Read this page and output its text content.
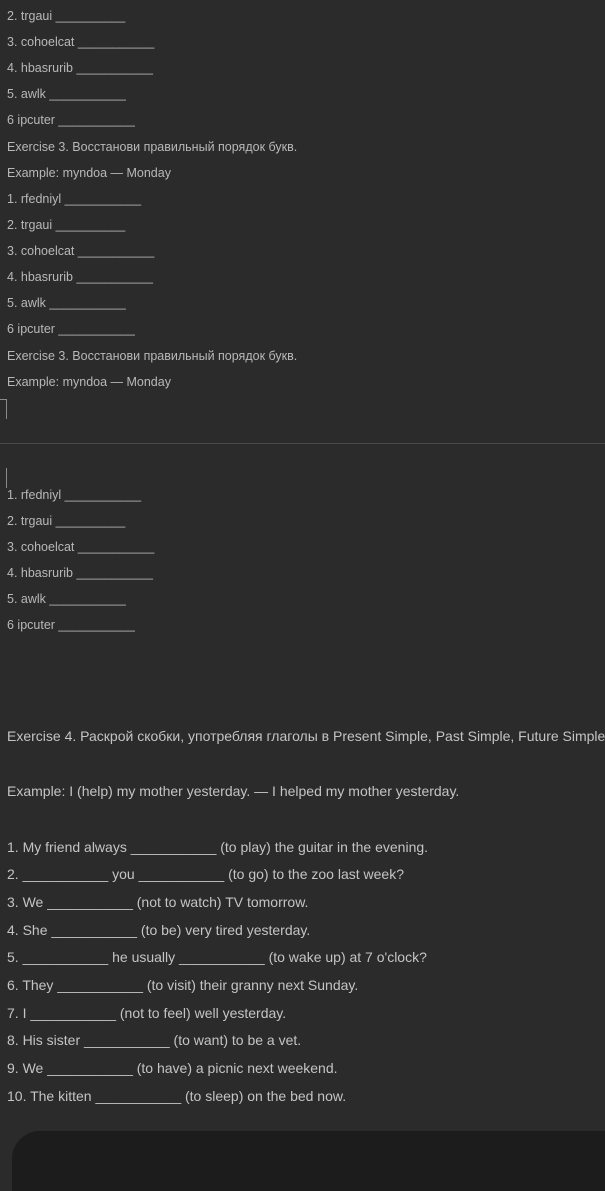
2. trgaui __________
3. cohoelcat ___________
4. hbasrurib ___________
5. awlk ___________
6 ipcuter ___________
Exercise 3. Восстанови правильный порядок букв.
Example: myndoa — Monday
1. rfedniyl ___________
2. trgaui __________
3. cohoelcat ___________
4. hbasrurib ___________
5. awlk ___________
6 ipcuter ___________
Exercise 3. Восстанови правильный порядок букв.
Example: myndoa — Monday
1. rfedniyl ___________
2. trgaui __________
3. cohoelcat ___________
4. hbasrurib ___________
5. awlk ___________
6 ipcuter ___________
Exercise 4. Раскрой скобки, употребляя глаголы в Present Simple, Past Simple, Future Simple
Example: I (help) my mother yesterday. — I helped my mother yesterday.
1. My friend always ___________ (to play) the guitar in the evening.
2. ___________ you ___________ (to go) to the zoo last week?
3. We ___________ (not to watch) TV tomorrow.
4. She ___________ (to be) very tired yesterday.
5. ___________ he usually ___________ (to wake up) at 7 o'clock?
6. They ___________ (to visit) their granny next Sunday.
7. I ___________ (not to feel) well yesterday.
8. His sister ___________ (to want) to be a vet.
9. We ___________ (to have) a picnic next weekend.
10. The kitten ___________ (to sleep) on the bed now.
